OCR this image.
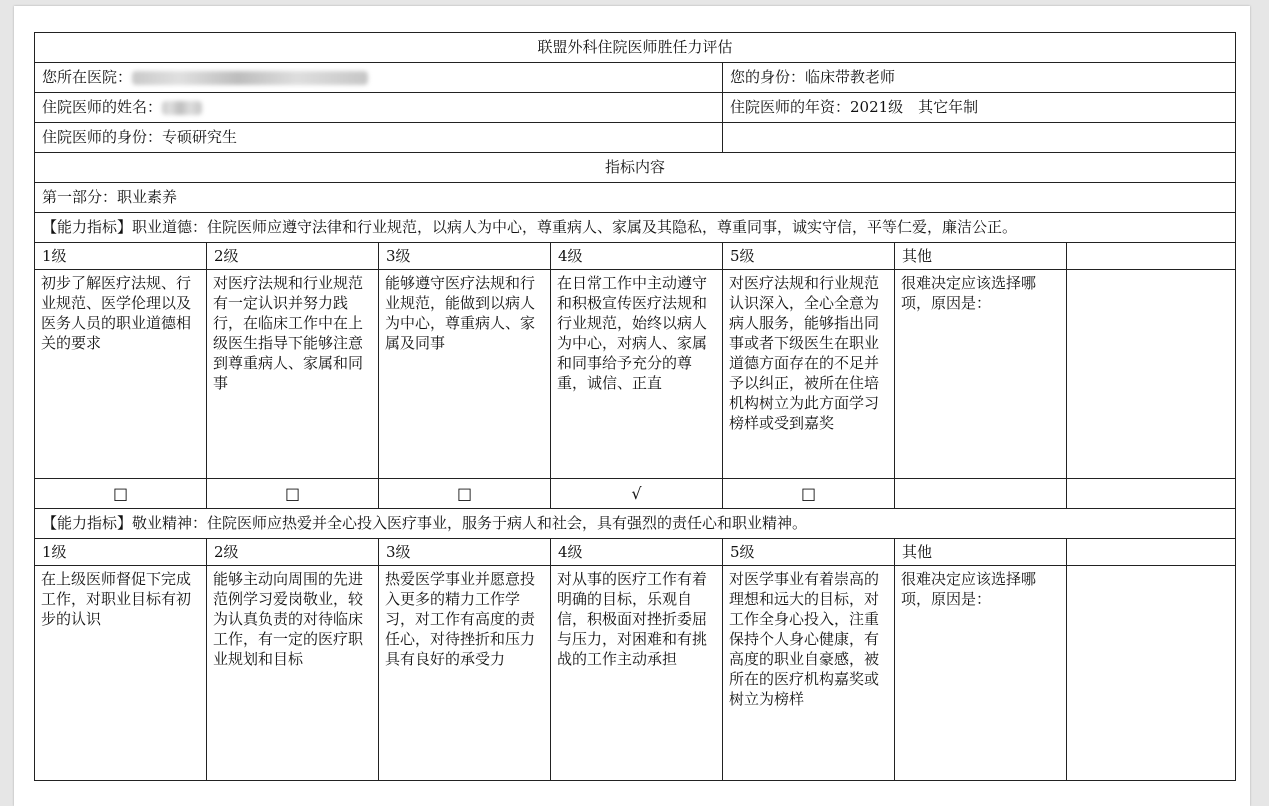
联盟外科住院医师胜任力评估						
您所在医院：				您的身份：临床带教老师		
住院医师的姓名：				住院医师的年资：2021级　其它年制		
住院医师的身份：专硕研究生						
指标内容						
第一部分：职业素养						
【能力指标】职业道德：住院医师应遵守法律和行业规范，以病人为中心，尊重病人、家属及其隐私，尊重同事，诚实守信，平等仁爱，廉洁公正。						
1级	2级	3级	4级	5级	其他	
初步了解医疗法规、行业规范、医学伦理以及医务人员的职业道德相关的要求	对医疗法规和行业规范有一定认识并努力践行，在临床工作中在上级医生指导下能够注意到尊重病人、家属和同事	能够遵守医疗法规和行业规范，能做到以病人为中心，尊重病人、家属及同事	在日常工作中主动遵守和积极宣传医疗法规和行业规范，始终以病人为中心，对病人、家属和同事给予充分的尊重，诚信、正直	对医疗法规和行业规范认识深入，全心全意为病人服务，能够指出同事或者下级医生在职业道德方面存在的不足并予以纠正，被所在住培机构树立为此方面学习榜样或受到嘉奖	很难决定应该选择哪项，原因是：	
□	□	□	√	□		
【能力指标】敬业精神：住院医师应热爱并全心投入医疗事业，服务于病人和社会，具有强烈的责任心和职业精神。						
1级	2级	3级	4级	5级	其他	
在上级医师督促下完成工作，对职业目标有初步的认识	能够主动向周围的先进范例学习爱岗敬业，较为认真负责的对待临床工作，有一定的医疗职业规划和目标	热爱医学事业并愿意投入更多的精力工作学习，对工作有高度的责任心，对待挫折和压力具有良好的承受力	对从事的医疗工作有着明确的目标，乐观自信，积极面对挫折委屈与压力，对困难和有挑战的工作主动承担	对医学事业有着崇高的理想和远大的目标，对工作全身心投入，注重保持个人身心健康，有高度的职业自豪感，被所在的医疗机构嘉奖或树立为榜样	很难决定应该选择哪项，原因是：	
